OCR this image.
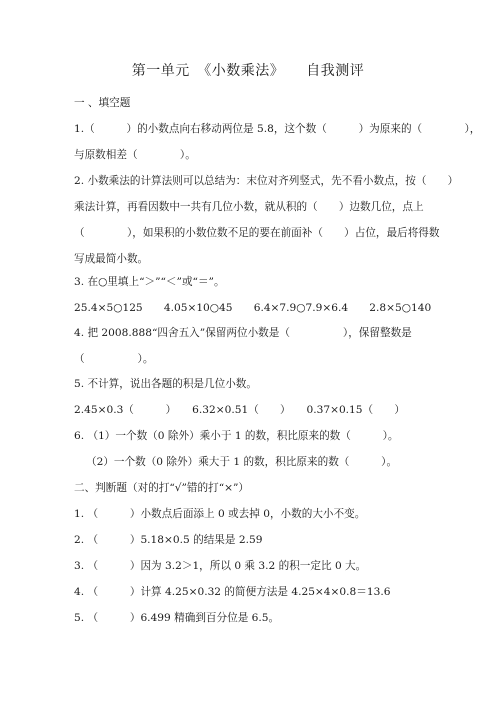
第一单元　《小数乘法》　　自我测评
一 、填空题
1.（　　　）的小数点向右移动两位是 5.8，这个数（　　　）为原来的（　　　　），
与原数相差（　　　　）。
2. 小数乘法的计算法则可以总结为：末位对齐列竖式，先不看小数点，按（　　）
乘法计算，再看因数中一共有几位小数，就从积的（　　）边数几位，点上
（　　　　），如果积的小数位数不足的要在前面补（　　）占位，最后将得数
写成最简小数。
3. 在○里填上“＞”“＜”或“＝”。
25.4×5○125　　4.05×10○45　　6.4×7.9○7.9×6.4　　2.8×5○140
4. 把 2008.888“四舍五入”保留两位小数是（　　　　　），保留整数是
（　　　　　）。
5. 不计算，说出各题的积是几位小数。
2.45×0.3（　　　）　　6.32×0.51（　　）　　0.37×0.15（　　）
6. （1）一个数（0 除外）乘小于 1 的数，积比原来的数（　　　）。
（2）一个数（0 除外）乘大于 1 的数，积比原来的数（　　　）。
二、判断题（对的打“√”错的打“×”）
1. （　　　）小数点后面添上 0 或去掉 0，小数的大小不变。
2. （　　　）5.18×0.5 的结果是 2.59
3. （　　　）因为 3.2＞1，所以 0 乘 3.2 的积一定比 0 大。
4. （　　　）计算 4.25×0.32 的简便方法是 4.25×4×0.8＝13.6
5. （　　　）6.499 精确到百分位是 6.5。
